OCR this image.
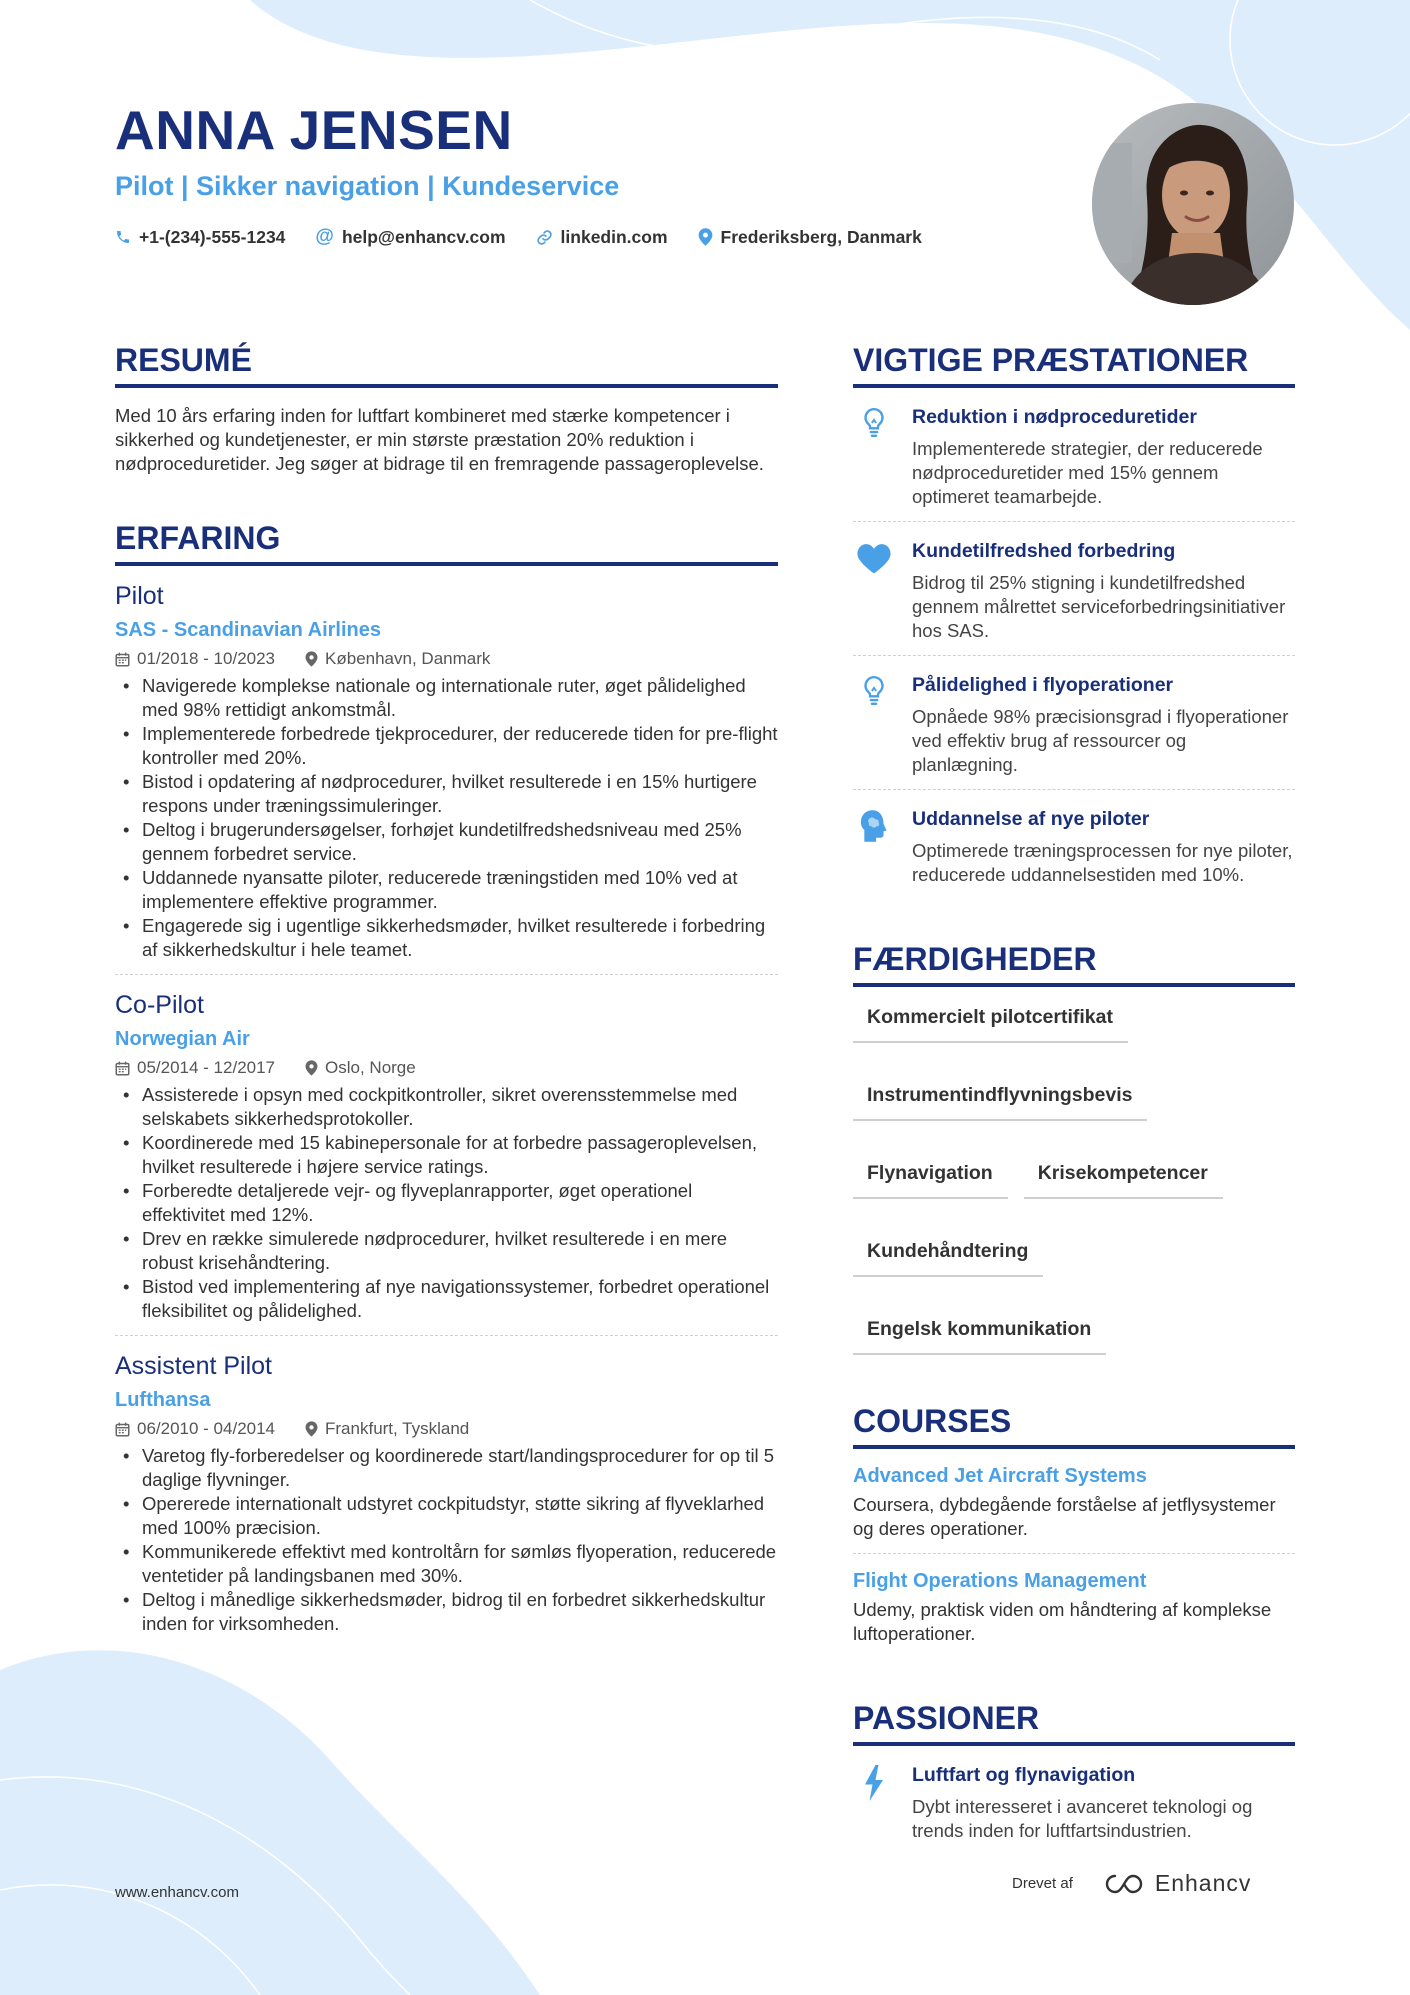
ANNA JENSEN
Pilot | Sikker navigation | Kundeservice
+1-(234)-555-1234 @ help@enhancv.com	linkedin.com	Frederiksberg, Danmark
RESUMÉ
Med 10 års erfaring inden for luftfart kombineret med stærke kompetencer i sikkerhed og kundetjenester, er min største præstation 20% reduktion i nødproceduretider. Jeg søger at bidrage til en fremragende passageroplevelse.
ERFARING
Pilot
SAS - Scandinavian Airlines
01/2018 - 10/2023	København, Danmark
• Navigerede komplekse nationale og internationale ruter, øget pålidelighed med 98% rettidigt ankomstmål.
• Implementerede forbedrede tjekprocedurer, der reducerede tiden for pre-flight kontroller med 20%.
• Bistod i opdatering af nødprocedurer, hvilket resulterede i en 15% hurtigere respons under træningssimuleringer.
• Deltog i brugerundersøgelser, forhøjet kundetilfredshedsniveau med 25% gennem forbedret service.
• Uddannede nyansatte piloter, reducerede træningstiden med 10% ved at implementere effektive programmer.
• Engagerede sig i ugentlige sikkerhedsmøder, hvilket resulterede i forbedring af sikkerhedskultur i hele teamet.
Co-Pilot
Norwegian Air
05/2014 - 12/2017	Oslo, Norge
• Assisterede i opsyn med cockpitkontroller, sikret overensstemmelse med selskabets sikkerhedsprotokoller.
• Koordinerede med 15 kabinepersonale for at forbedre passageroplevelsen, hvilket resulterede i højere service ratings.
• Forberedte detaljerede vejr- og flyveplanrapporter, øget operationel effektivitet med 12%.
• Drev en række simulerede nødprocedurer, hvilket resulterede i en mere robust krisehåndtering.
• Bistod ved implementering af nye navigationssystemer, forbedret operationel fleksibilitet og pålidelighed.
Assistent Pilot
Lufthansa
06/2010 - 04/2014	Frankfurt, Tyskland
• Varetog fly-forberedelser og koordinerede start/landingsprocedurer for op til 5 daglige flyvninger.
• Opererede internationalt udstyret cockpitudstyr, støtte sikring af flyveklarhed med 100% præcision.
• Kommunikerede effektivt med kontroltårn for sømløs flyoperation, reducerede ventetider på landingsbanen med 30%.
• Deltog i månedlige sikkerhedsmøder, bidrog til en forbedret sikkerhedskultur inden for virksomheden.
VIGTIGE PRÆSTATIONER
Reduktion i nødproceduretider
Implementerede strategier, der reducerede nødproceduretider med 15% gennem optimeret teamarbejde.
Kundetilfredshed forbedring
Bidrog til 25% stigning i kundetilfredshed gennem målrettet serviceforbedringsinitiativer hos SAS.
Pålidelighed i flyoperationer
Opnåede 98% præcisionsgrad i flyoperationer ved effektiv brug af ressourcer og planlægning.
Uddannelse af nye piloter
Optimerede træningsprocessen for nye piloter, reducerede uddannelsestiden med 10%.
FÆRDIGHEDER
Kommercielt pilotcertifikat
Instrumentindflyvningsbevis
Flynavigation	Krisekompetencer
Kundehåndtering
Engelsk kommunikation
COURSES
Advanced Jet Aircraft Systems
Coursera, dybdegående forståelse af jetflysystemer og deres operationer.
Flight Operations Management
Udemy, praktisk viden om håndtering af komplekse luftoperationer.
PASSIONER
Luftfart og flynavigation
Dybt interesseret i avanceret teknologi og trends inden for luftfartsindustrien.
www.enhancv.com
Drevet af	Enhancv
